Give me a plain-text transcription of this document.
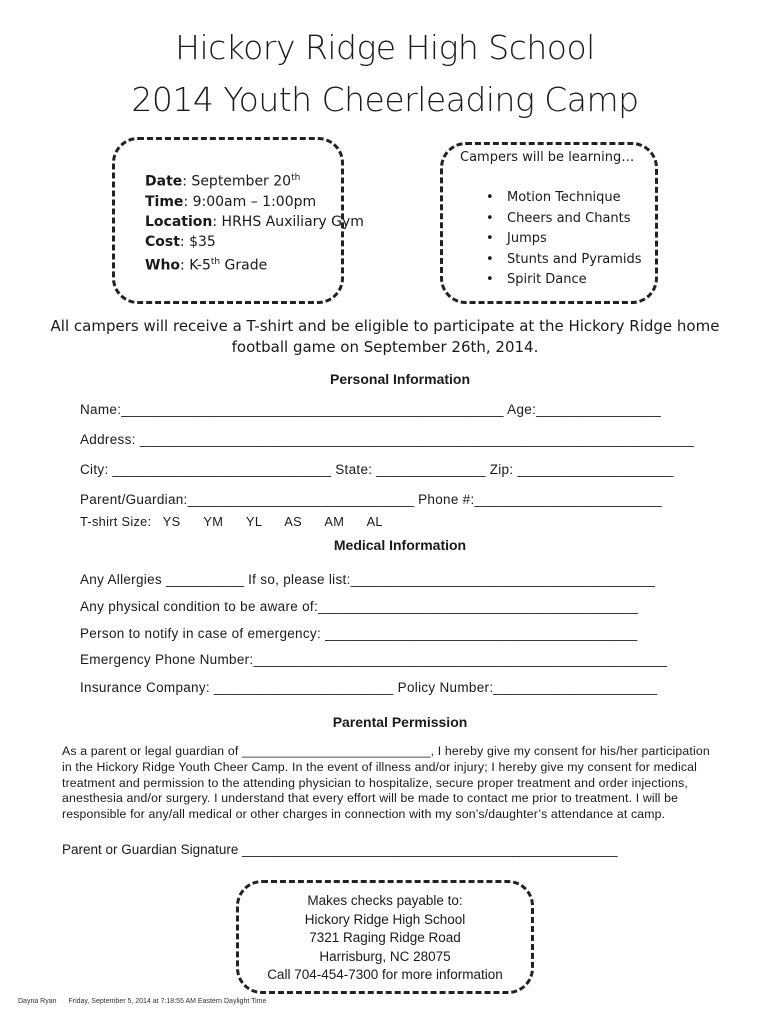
Hickory Ridge High School
2014 Youth Cheerleading Camp
Date: September 20th
Time: 9:00am – 1:00pm
Location: HRHS Auxiliary Gym
Cost: $35
Who: K-5th Grade
Campers will be learning…
• Motion Technique
• Cheers and Chants
• Jumps
• Stunts and Pyramids
• Spirit Dance
All campers will receive a T-shirt and be eligible to participate at the Hickory Ridge home football game on September 26th, 2014.
Personal Information
Name:_________________________________________________ Age:________________
Address: _______________________________________________________________________
City: ____________________________ State: ______________ Zip: ____________________
Parent/Guardian:_____________________________ Phone #:________________________
T-shirt Size:   YS      YM      YL      AS      AM      AL
Medical Information
Any Allergies __________ If so, please list:_______________________________________
Any physical condition to be aware of:_________________________________________
Person to notify in case of emergency: ________________________________________
Emergency Phone Number:_____________________________________________________
Insurance Company: _______________________ Policy Number:_____________________
Parental Permission
As a parent or legal guardian of ___________________________, I hereby give my consent for his/her participation in the Hickory Ridge Youth Cheer Camp. In the event of illness and/or injury; I hereby give my consent for medical treatment and permission to the attending physician to hospitalize, secure proper treatment and order injections, anesthesia and/or surgery. I understand that every effort will be made to contact me prior to treatment. I will be responsible for any/all medical or other charges in connection with my son’s/daughter’s attendance at camp.
Parent or Guardian Signature __________________________________________________
Makes checks payable to:
Hickory Ridge High School
7321 Raging Ridge Road
Harrisburg, NC 28075
Call 704-454-7300 for more information
Dayna Ryan Friday, September 5, 2014 at 7:18:55 AM Eastern Daylight Time
